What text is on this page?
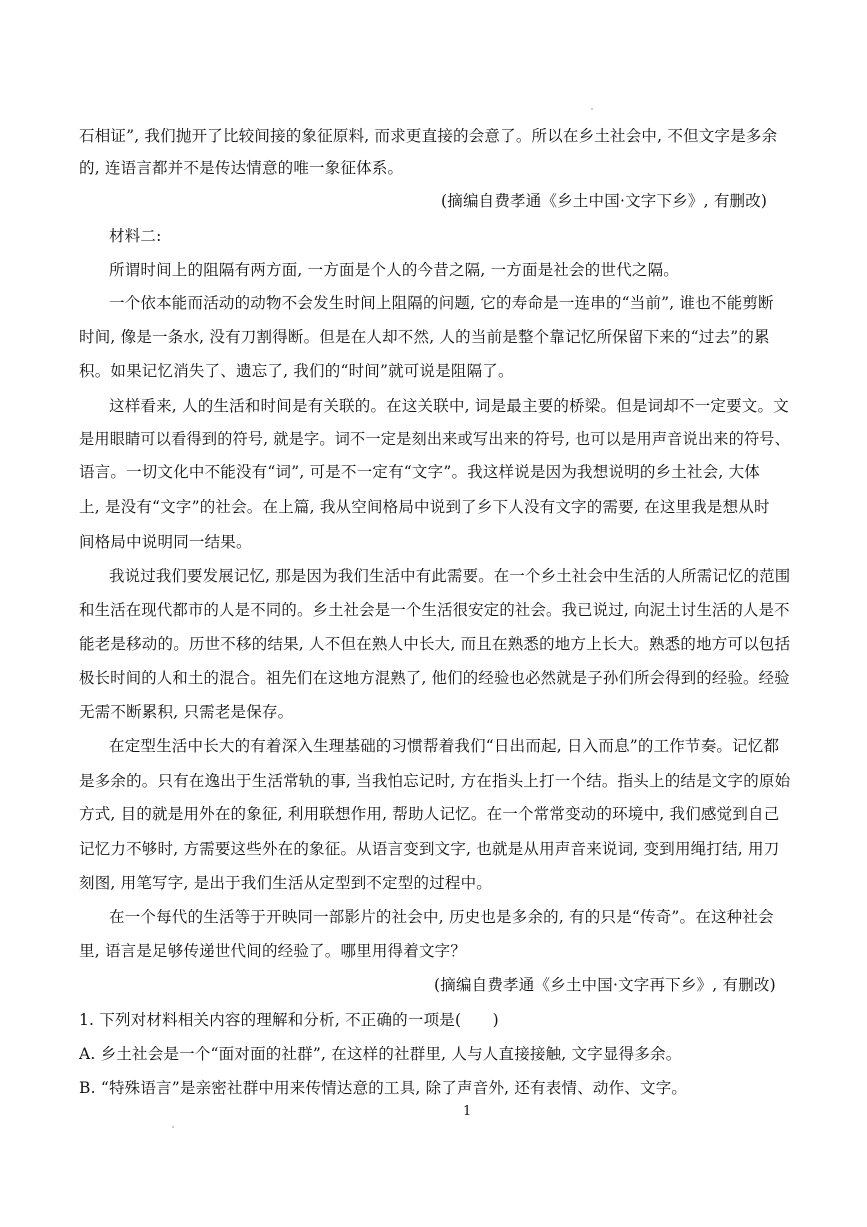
石相证”, 我们抛开了比较间接的象征原料, 而求更直接的会意了。所以在乡土社会中, 不但文字是多余
的, 连语言都并不是传达情意的唯一象征体系。
(摘编自费孝通《乡土中国·文字下乡》, 有删改)
材料二:
所谓时间上的阻隔有两方面, 一方面是个人的今昔之隔, 一方面是社会的世代之隔。
一个依本能而活动的动物不会发生时间上阻隔的问题, 它的寿命是一连串的“当前”, 谁也不能剪断
时间, 像是一条水, 没有刀割得断。但是在人却不然, 人的当前是整个靠记忆所保留下来的“过去”的累
积。如果记忆消失了、遗忘了, 我们的“时间”就可说是阻隔了。
这样看来, 人的生活和时间是有关联的。在这关联中, 词是最主要的桥梁。但是词却不一定要文。文
是用眼睛可以看得到的符号, 就是字。词不一定是刻出来或写出来的符号, 也可以是用声音说出来的符号、
语言。一切文化中不能没有“词”, 可是不一定有“文字”。我这样说是因为我想说明的乡土社会, 大体
上, 是没有“文字”的社会。在上篇, 我从空间格局中说到了乡下人没有文字的需要, 在这里我是想从时
间格局中说明同一结果。
我说过我们要发展记忆, 那是因为我们生活中有此需要。在一个乡土社会中生活的人所需记忆的范围
和生活在现代都市的人是不同的。乡土社会是一个生活很安定的社会。我已说过, 向泥土讨生活的人是不
能老是移动的。历世不移的结果, 人不但在熟人中长大, 而且在熟悉的地方上长大。熟悉的地方可以包括
极长时间的人和土的混合。祖先们在这地方混熟了, 他们的经验也必然就是子孙们所会得到的经验。经验
无需不断累积, 只需老是保存。
在定型生活中长大的有着深入生理基础的习惯帮着我们“日出而起, 日入而息”的工作节奏。记忆都
是多余的。只有在逸出于生活常轨的事, 当我怕忘记时, 方在指头上打一个结。指头上的结是文字的原始
方式, 目的就是用外在的象征, 利用联想作用, 帮助人记忆。在一个常常变动的环境中, 我们感觉到自己
记忆力不够时, 方需要这些外在的象征。从语言变到文字, 也就是从用声音来说词, 变到用绳打结, 用刀
刻图, 用笔写字, 是出于我们生活从定型到不定型的过程中。
在一个每代的生活等于开映同一部影片的社会中, 历史也是多余的, 有的只是“传奇”。在这种社会
里, 语言是足够传递世代间的经验了。哪里用得着文字？
(摘编自费孝通《乡土中国·文字再下乡》, 有删改)
1. 下列对材料相关内容的理解和分析, 不正确的一项是(　　)
A. 乡土社会是一个“面对面的社群”, 在这样的社群里, 人与人直接接触, 文字显得多余。
B. “特殊语言”是亲密社群中用来传情达意的工具, 除了声音外, 还有表情、动作、文字。
1
